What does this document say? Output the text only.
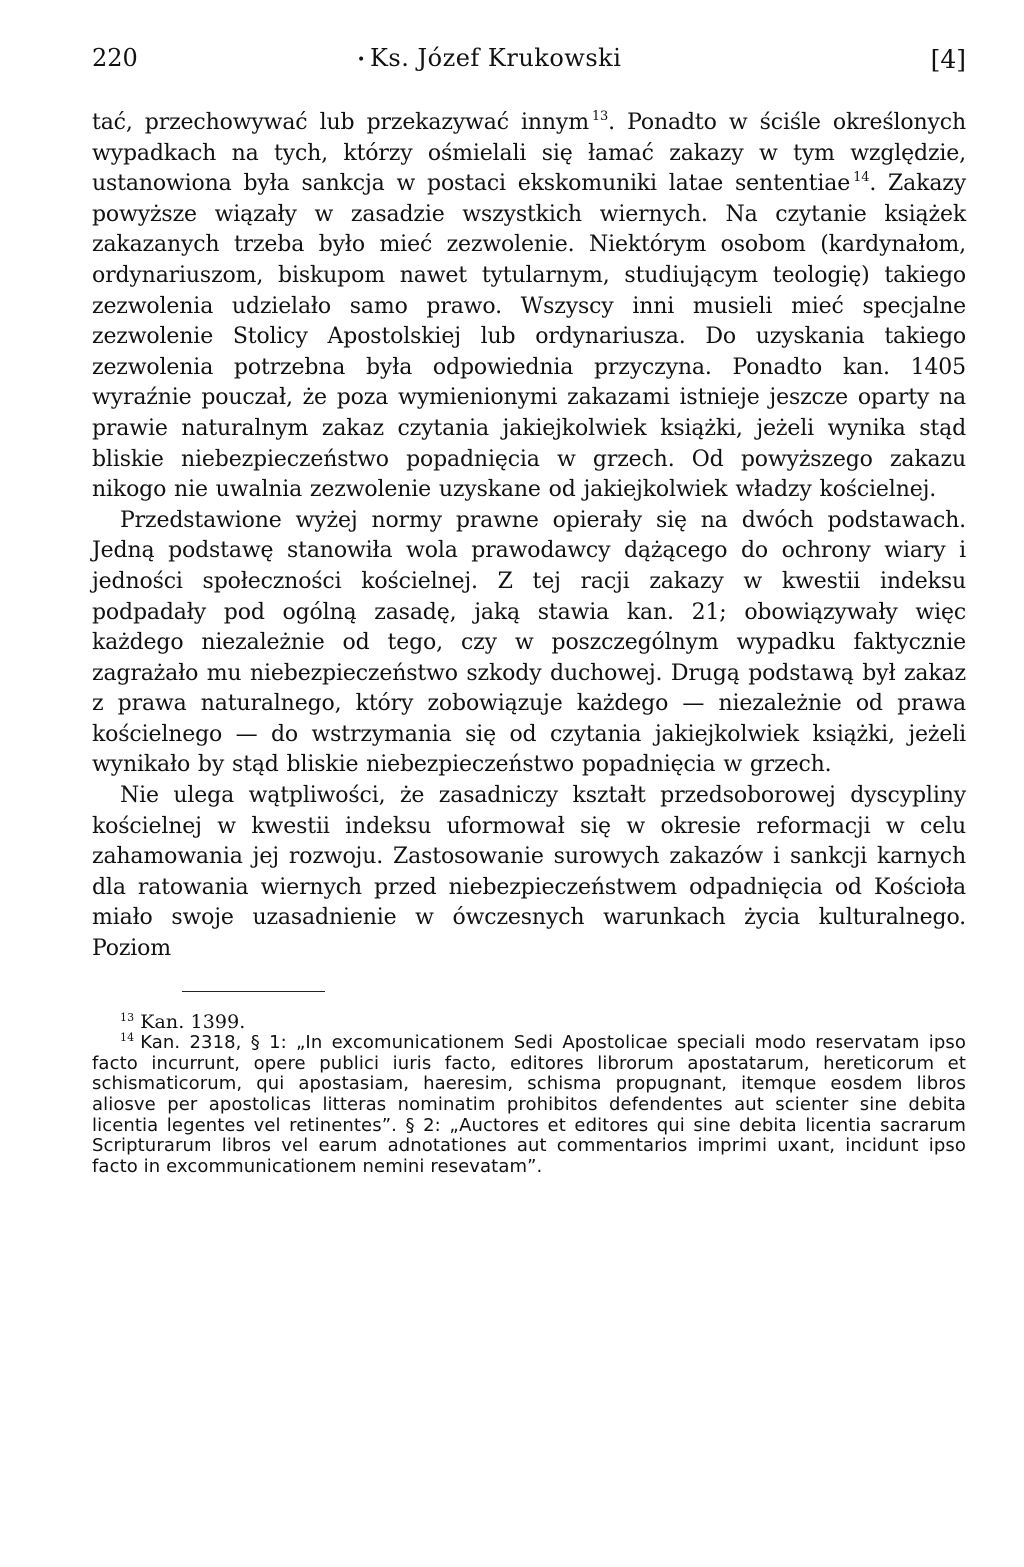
220	• Ks. Józef Krukowski	[4]

tać, przechowywać lub przekazywać innym $^{13}$. Ponadto w ściśle określonych wypadkach na tych, którzy ośmielali się łamać zakazy w tym względzie, ustanowiona była sankcja w postaci ekskomuniki latae sententiae $^{14}$. Zakazy powyższe wiązały w zasadzie wszystkich wiernych. Na czytanie książek zakazanych trzeba było mieć zezwolenie. Niektórym osobom (kardynałom, ordynariuszom, biskupom nawet tytularnym, studiującym teologię) takiego zezwolenia udzielało samo prawo. Wszyscy inni musieli mieć specjalne zezwolenie Stolicy Apostolskiej lub ordynariusza. Do uzyskania takiego zezwolenia potrzebna była odpowiednia przyczyna. Ponadto kan. 1405 wyraźnie pouczał, że poza wymienionymi zakazami istnieje jeszcze oparty na prawie naturalnym zakaz czytania jakiejkolwiek książki, jeżeli wynika stąd bliskie niebezpieczeństwo popadnięcia w grzech. Od powyższego zakazu nikogo nie uwalnia zezwolenie uzyskane od jakiejkolwiek władzy kościelnej.

Przedstawione wyżej normy prawne opierały się na dwóch podstawach. Jedną podstawę stanowiła wola prawodawcy dążącego do ochrony wiary i jedności społeczności kościelnej. Z tej racji zakazy w kwestii indeksu podpadały pod ogólną zasadę, jaką stawia kan. 21; obowiązywały więc każdego niezależnie od tego, czy w poszczególnym wypadku faktycznie zagrażało mu niebezpieczeństwo szkody duchowej. Drugą podstawą był zakaz z prawa naturalnego, który zobowiązuje każdego — niezależnie od prawa kościelnego — do wstrzymania się od czytania jakiejkolwiek książki, jeżeli wynikało by stąd bliskie niebezpieczeństwo popadnięcia w grzech.

Nie ulega wątpliwości, że zasadniczy kształt przedsoborowej dyscypliny kościelnej w kwestii indeksu uformował się w okresie reformacji w celu zahamowania jej rozwoju. Zastosowanie surowych zakazów i sankcji karnych dla ratowania wiernych przed niebezpieczeństwem odpadnięcia od Kościoła miało swoje uzasadnienie w ówczesnych warunkach życia kulturalnego. Poziom

$^{13}$ Kan. 1399.

$^{14}$ Kan. 2318, § 1: „In excomunicationem Sedi Apostolicae speciali modo reservatam ipso facto incurrunt, opere publici iuris facto, editores librorum apostatarum, hereticorum et schismaticorum, qui apostasiam, haeresim, schisma propugnant, itemque eosdem libros aliosve per apostolicas litteras nominatim prohibitos defendentes aut scienter sine debita licentia legentes vel retinentes”. § 2: „Auctores et editores qui sine debita licentia sacrarum Scripturarum libros vel earum adnotationes aut commentarios imprimi uxant, incidunt ipso facto in excommunicationem nemini resevatam”.
